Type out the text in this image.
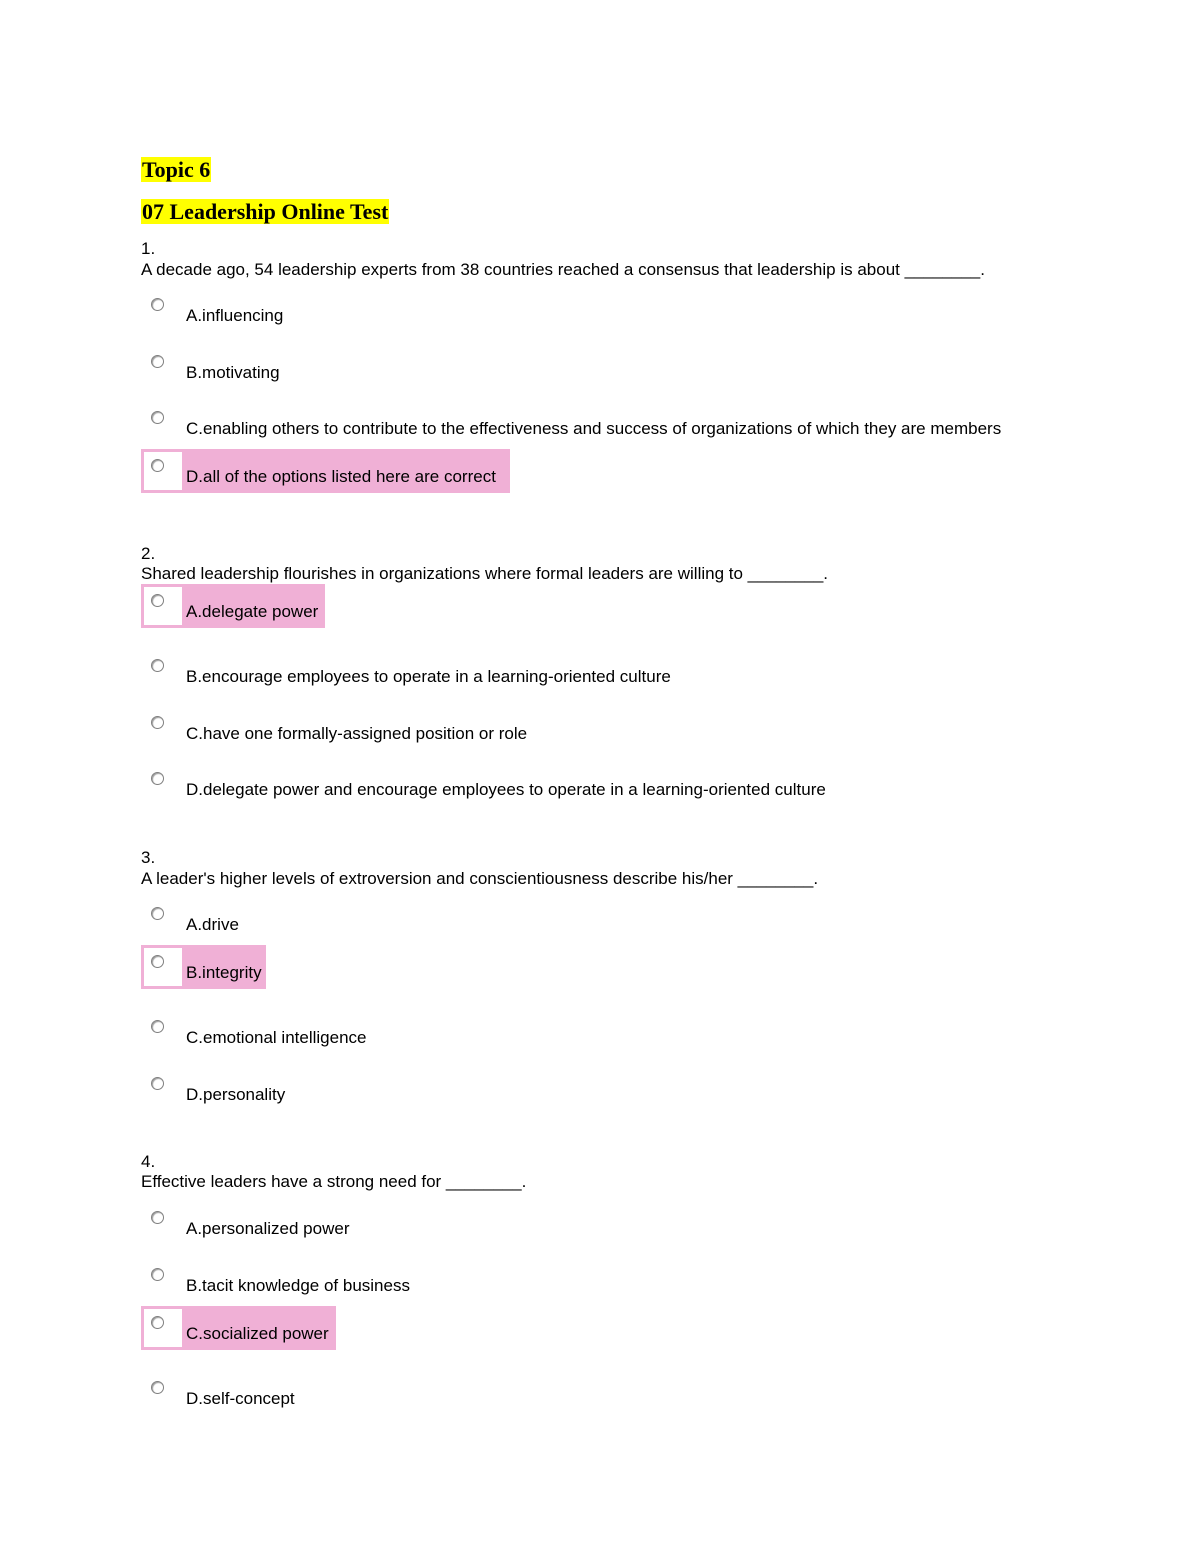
Topic 6
07 Leadership Online Test
1.
A decade ago, 54 leadership experts from 38 countries reached a consensus that leadership is about ________.
A.influencing
B.motivating
C.enabling others to contribute to the effectiveness and success of organizations of which they are members
D.all of the options listed here are correct
2.
Shared leadership flourishes in organizations where formal leaders are willing to ________.
A.delegate power
B.encourage employees to operate in a learning-oriented culture
C.have one formally-assigned position or role
D.delegate power and encourage employees to operate in a learning-oriented culture
3.
A leader's higher levels of extroversion and conscientiousness describe his/her ________.
A.drive
B.integrity
C.emotional intelligence
D.personality
4.
Effective leaders have a strong need for ________.
A.personalized power
B.tacit knowledge of business
C.socialized power
D.self-concept
